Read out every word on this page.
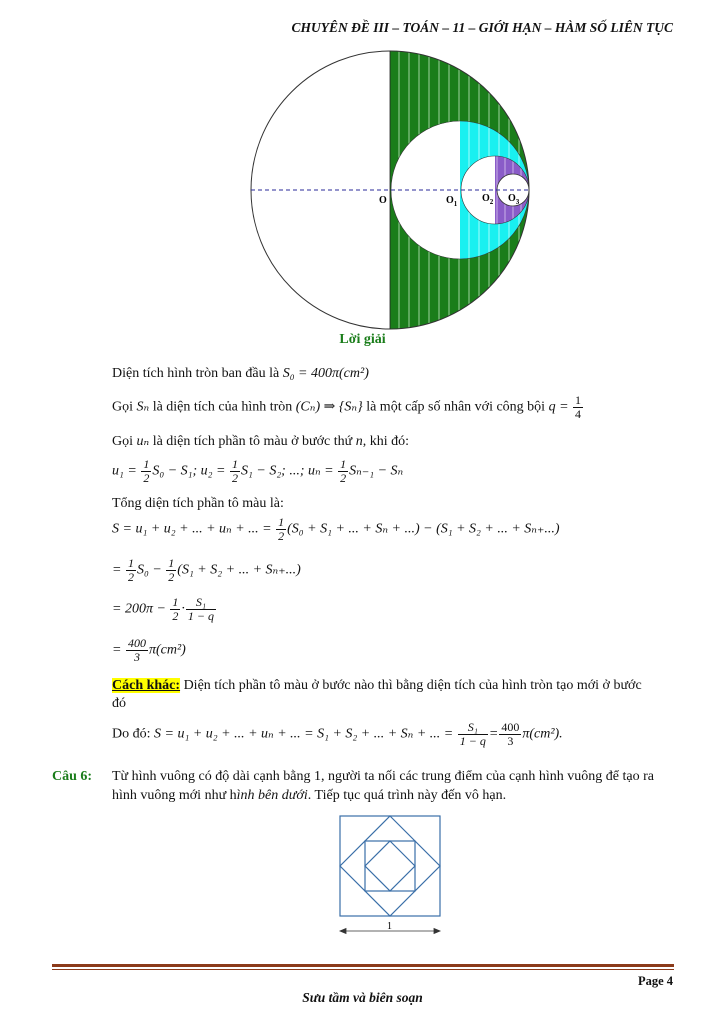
CHUYÊN ĐỀ III – TOÁN – 11 – GIỚI HẠN – HÀM SỐ LIÊN TỤC
O	$O_1$ $O_2$ $O_3$
Lời giải
Diện tích hình tròn ban đầu là S₀ = 400π(cm²)
Gọi Sₙ là diện tích của hình tròn (Cₙ) ⇒ {Sₙ} là một cấp số nhân với công bội $q = \frac{1}{4}$
Gọi uₙ là diện tích phần tô màu ở bước thứ n, khi đó:
$u_1 = \frac{1}{2} S_0 - S_1$; $u_2 = \frac{1}{2} S_1 - S_2$; ...; $u_n = \frac{1}{2} S_{n-1} - S_n$
Tổng diện tích phần tô màu là:
S = u₁ + u₂ + ... + uₙ + ... = $\frac{1}{2} (S_0 + S_1$ + ... + Sₙ + ...) − (S₁ + S₂ + ... + Sₙ₊...)
= $\frac{1}{2} S_0 - \frac{1}{2} (S_1 + S_2$ + ... + Sₙ₊...)
= $200\pi - \frac{1}{2} \cdot \frac{\text{S₁}}{1 - q}$
= $\frac{400}{3} \pi(cm^2)$
Cách khác: Diện tích phần tô màu ở bước nào thì bằng diện tích của hình tròn tạo mới ở bước
đó
Do đó: S = u₁ + u₂ + ... + uₙ + ... = S₁ + S₂ + ... + Sₙ + ... = $\frac{\text{S₁}}{1 - q} = \frac{400}{3} \pi(cm^2)$.
Câu 6: Từ hình vuông có độ dài cạnh bằng 1, người ta nối các trung điểm của cạnh hình vuông để tạo ra
hình vuông mới như hình bên dưới. Tiếp tục quá trình này đến vô hạn.
1
Page 4
Sưu tầm và biên soạn
